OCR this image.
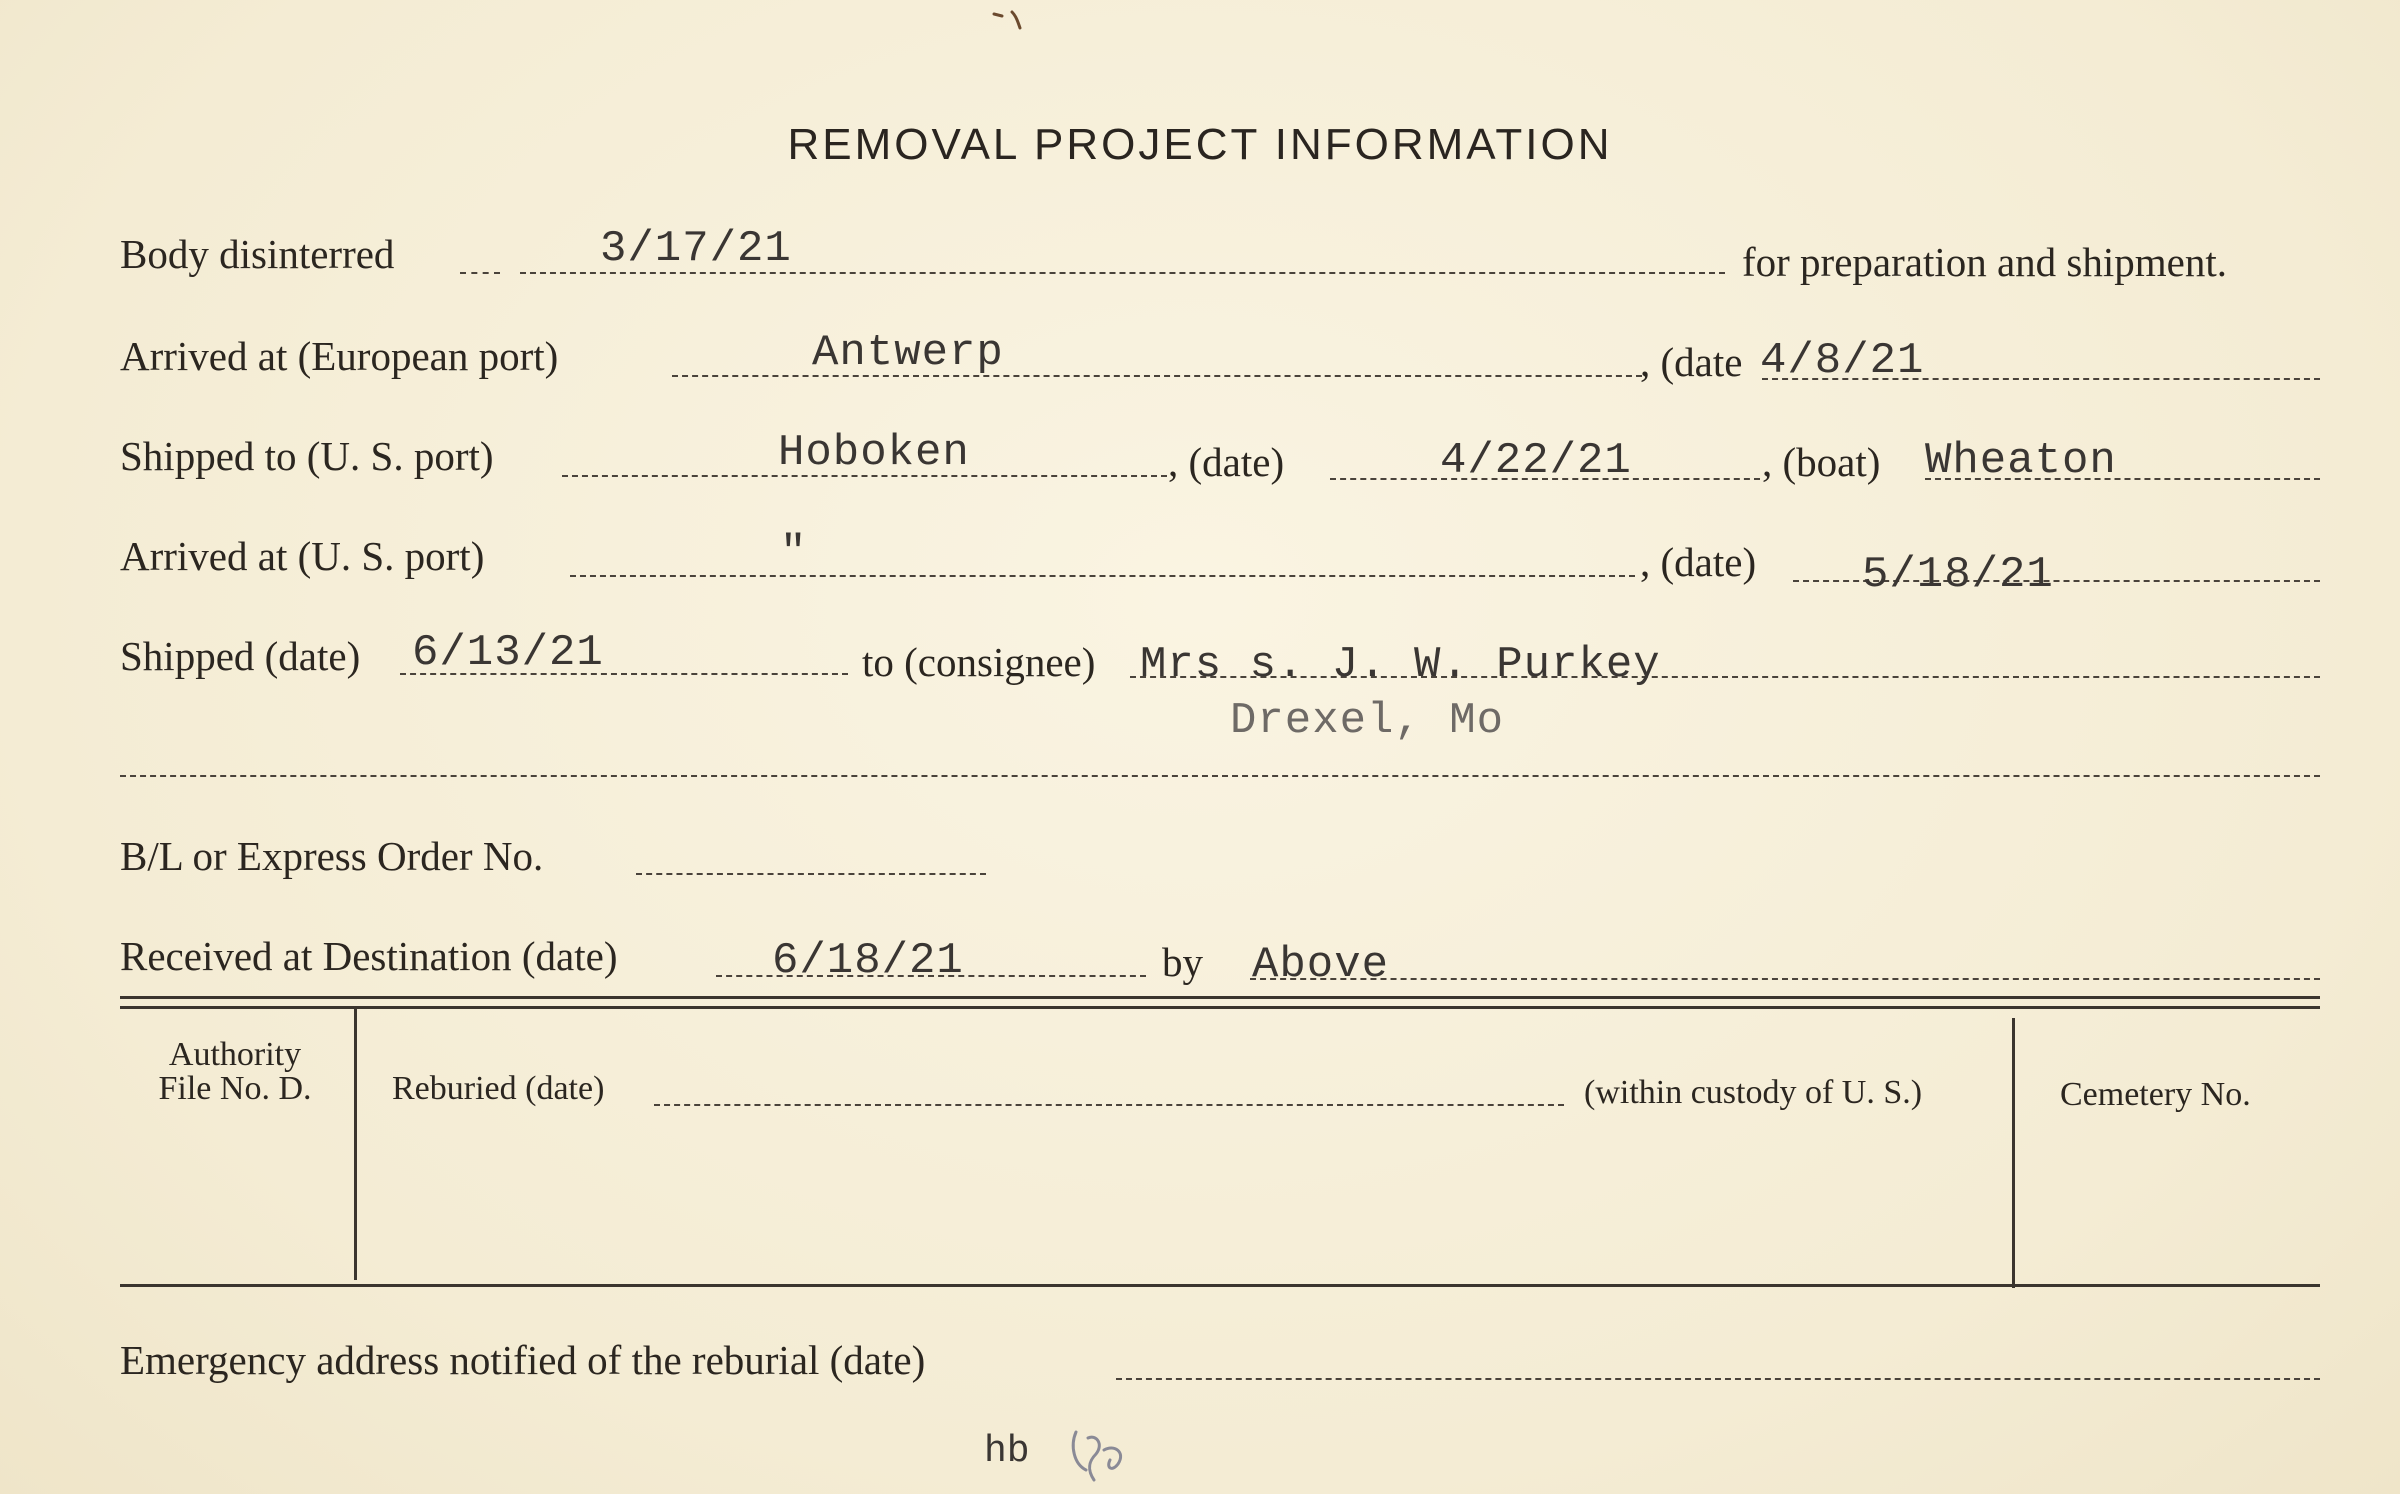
REMOVAL PROJECT INFORMATION
Body disinterred	3/17/21	for preparation and shipment.
Arrived at (European port)	Antwerp	, (date 4/8/21
Shipped to (U. S. port)	Hoboken	, (date)	4/22/21	, (boat) Wheaton
Arrived at (U. S. port)	"	, (date) 5/18/21
Shipped (date) 6/13/21	to (consignee) Mrs s. J. W. Purkey
Drexel, Mo
B/L or Express Order No.
Received at Destination (date)	6/18/21	by Above
Authority
File No. D.	Reburied (date)	(within custody of U. S.)	Cemetery No.
Emergency address notified of the reburial (date)
hb
